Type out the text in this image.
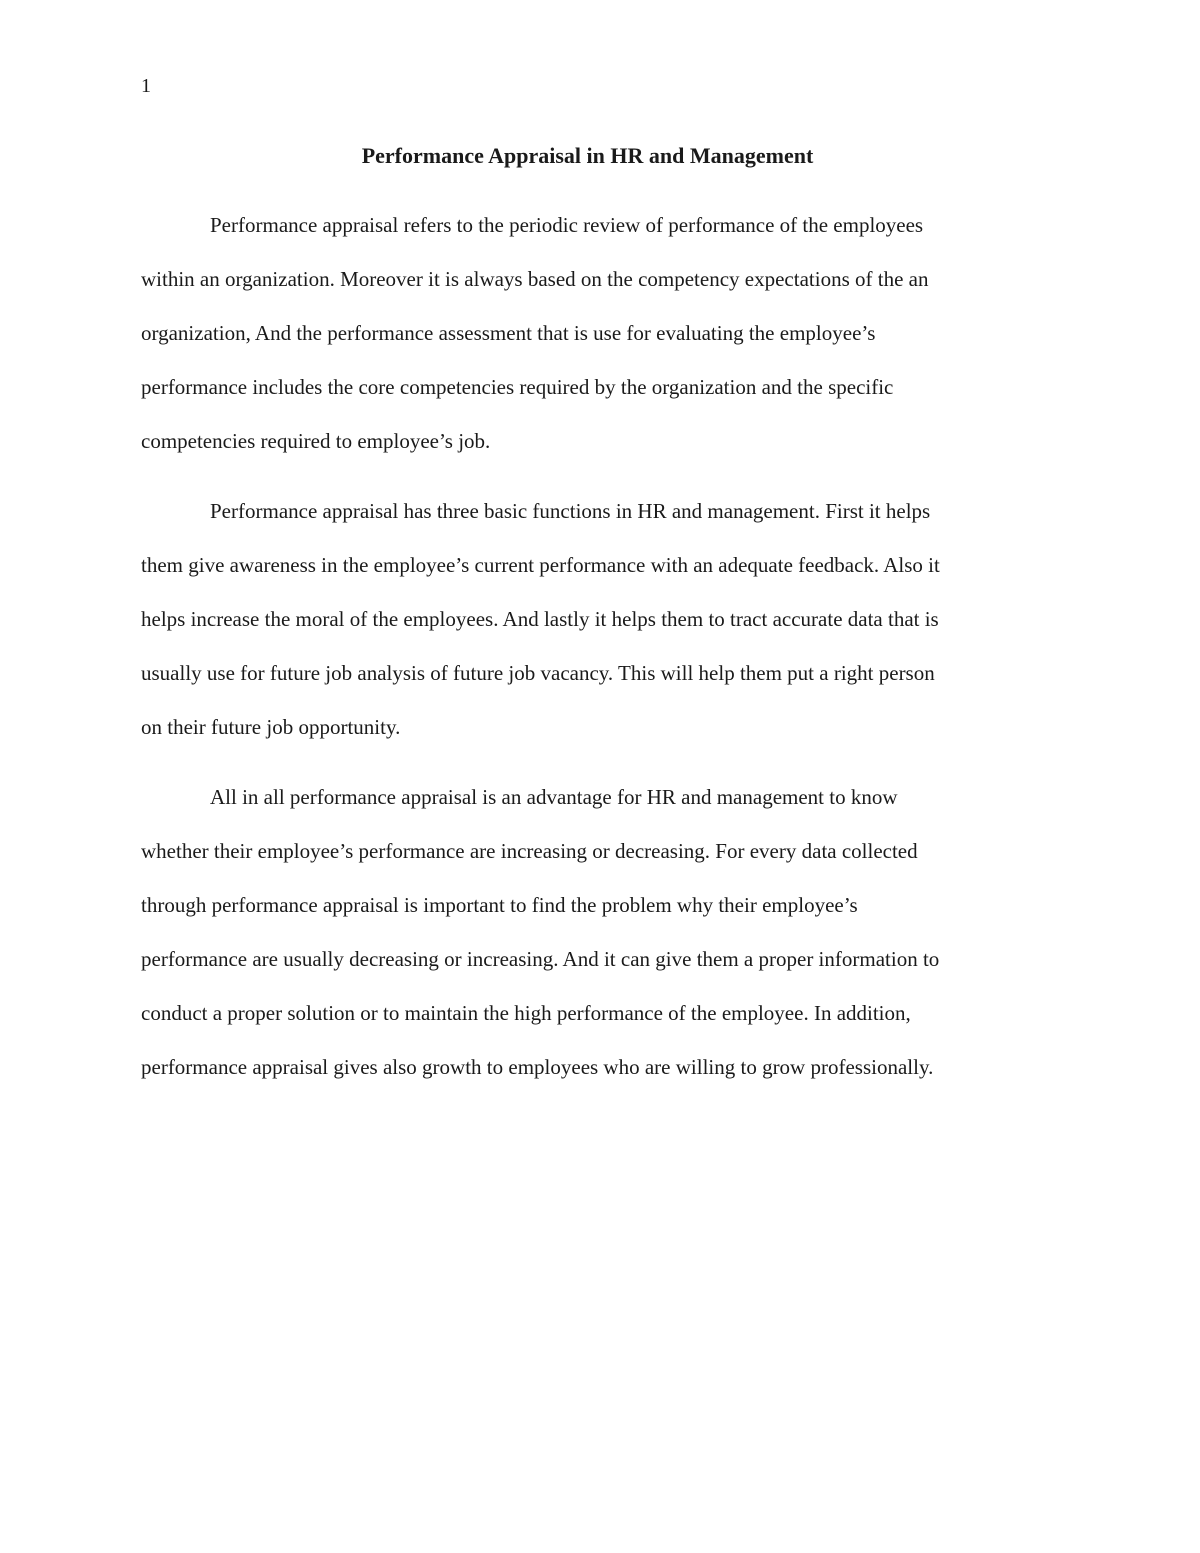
1
Performance Appraisal in HR and Management

Performance appraisal refers to the periodic review of performance of the employees
within an organization. Moreover it is always based on the competency expectations of the an
organization, And the performance assessment that is use for evaluating the employee’s
performance includes the core competencies required by the organization and the specific
competencies required to employee’s job.

Performance appraisal has three basic functions in HR and management. First it helps
them give awareness in the employee’s current performance with an adequate feedback. Also it
helps increase the moral of the employees. And lastly it helps them to tract accurate data that is
usually use for future job analysis of future job vacancy. This will help them put a right person
on their future job opportunity.

All in all performance appraisal is an advantage for HR and management to know
whether their employee’s performance are increasing or decreasing. For every data collected
through performance appraisal is important to find the problem why their employee’s
performance are usually decreasing or increasing. And it can give them a proper information to
conduct a proper solution or to maintain the high performance of the employee. In addition,
performance appraisal gives also growth to employees who are willing to grow professionally.
